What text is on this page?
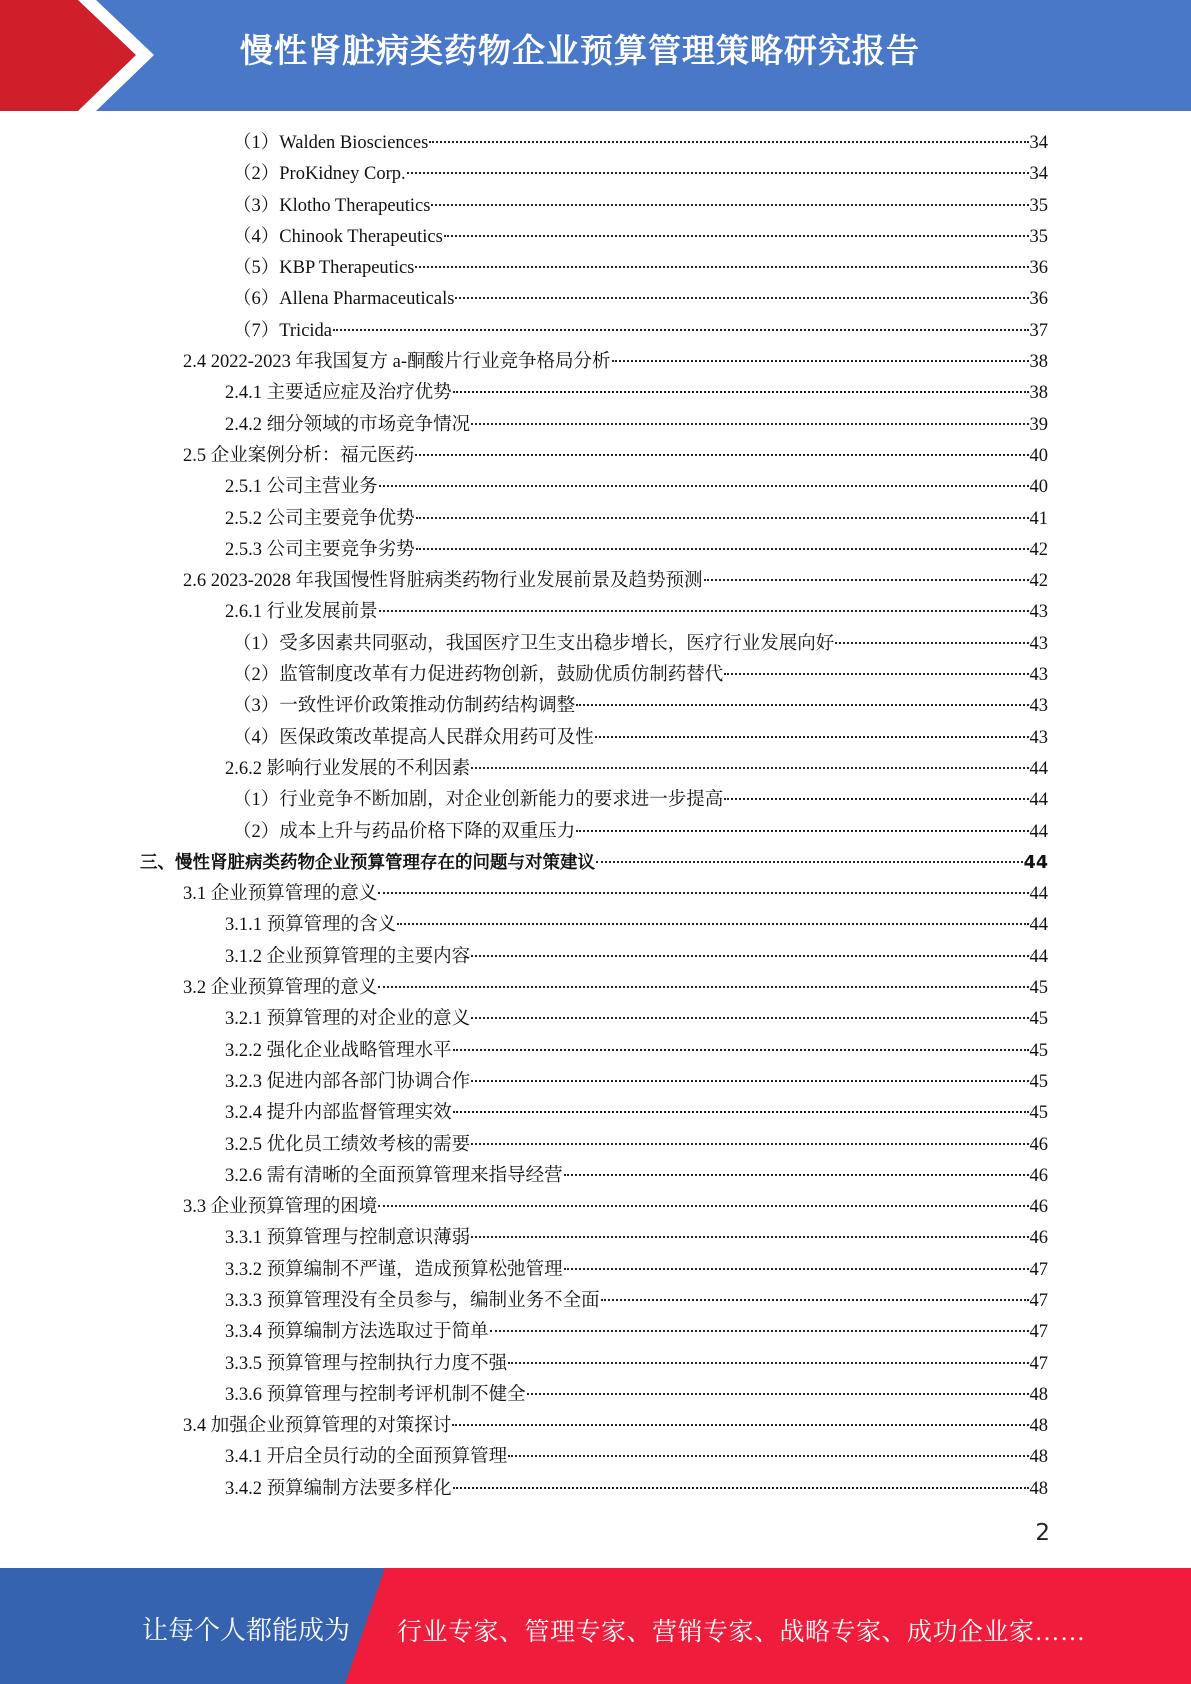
慢性肾脏病类药物企业预算管理策略研究报告
（1）Walden Biosciences	34
（2）ProKidney Corp.	34
（3）Klotho Therapeutics	35
（4）Chinook Therapeutics	35
（5）KBP Therapeutics	36
（6）Allena Pharmaceuticals	36
（7）Tricida	37
2.4 2022-2023 年我国复方 a-酮酸片行业竞争格局分析	38
2.4.1 主要适应症及治疗优势	38
2.4.2 细分领域的市场竞争情况	39
2.5 企业案例分析：福元医药	40
2.5.1 公司主营业务	40
2.5.2 公司主要竞争优势	41
2.5.3 公司主要竞争劣势	42
2.6 2023-2028 年我国慢性肾脏病类药物行业发展前景及趋势预测	42
2.6.1 行业发展前景	43
（1）受多因素共同驱动，我国医疗卫生支出稳步增长，医疗行业发展向好	43
（2）监管制度改革有力促进药物创新，鼓励优质仿制药替代	43
（3）一致性评价政策推动仿制药结构调整	43
（4）医保政策改革提高人民群众用药可及性	43
2.6.2 影响行业发展的不利因素	44
（1）行业竞争不断加剧，对企业创新能力的要求进一步提高	44
（2）成本上升与药品价格下降的双重压力	44
三、慢性肾脏病类药物企业预算管理存在的问题与对策建议	44
3.1 企业预算管理的意义	44
3.1.1 预算管理的含义	44
3.1.2 企业预算管理的主要内容	44
3.2 企业预算管理的意义	45
3.2.1 预算管理的对企业的意义	45
3.2.2 强化企业战略管理水平	45
3.2.3 促进内部各部门协调合作	45
3.2.4 提升内部监督管理实效	45
3.2.5 优化员工绩效考核的需要	46
3.2.6 需有清晰的全面预算管理来指导经营	46
3.3 企业预算管理的困境	46
3.3.1 预算管理与控制意识薄弱	46
3.3.2 预算编制不严谨，造成预算松弛管理	47
3.3.3 预算管理没有全员参与，编制业务不全面	47
3.3.4 预算编制方法选取过于简单	47
3.3.5 预算管理与控制执行力度不强	47
3.3.6 预算管理与控制考评机制不健全	48
3.4 加强企业预算管理的对策探讨	48
3.4.1 开启全员行动的全面预算管理	48
3.4.2 预算编制方法要多样化	48
2
让每个人都能成为 行业专家、管理专家、营销专家、战略专家、成功企业家……
